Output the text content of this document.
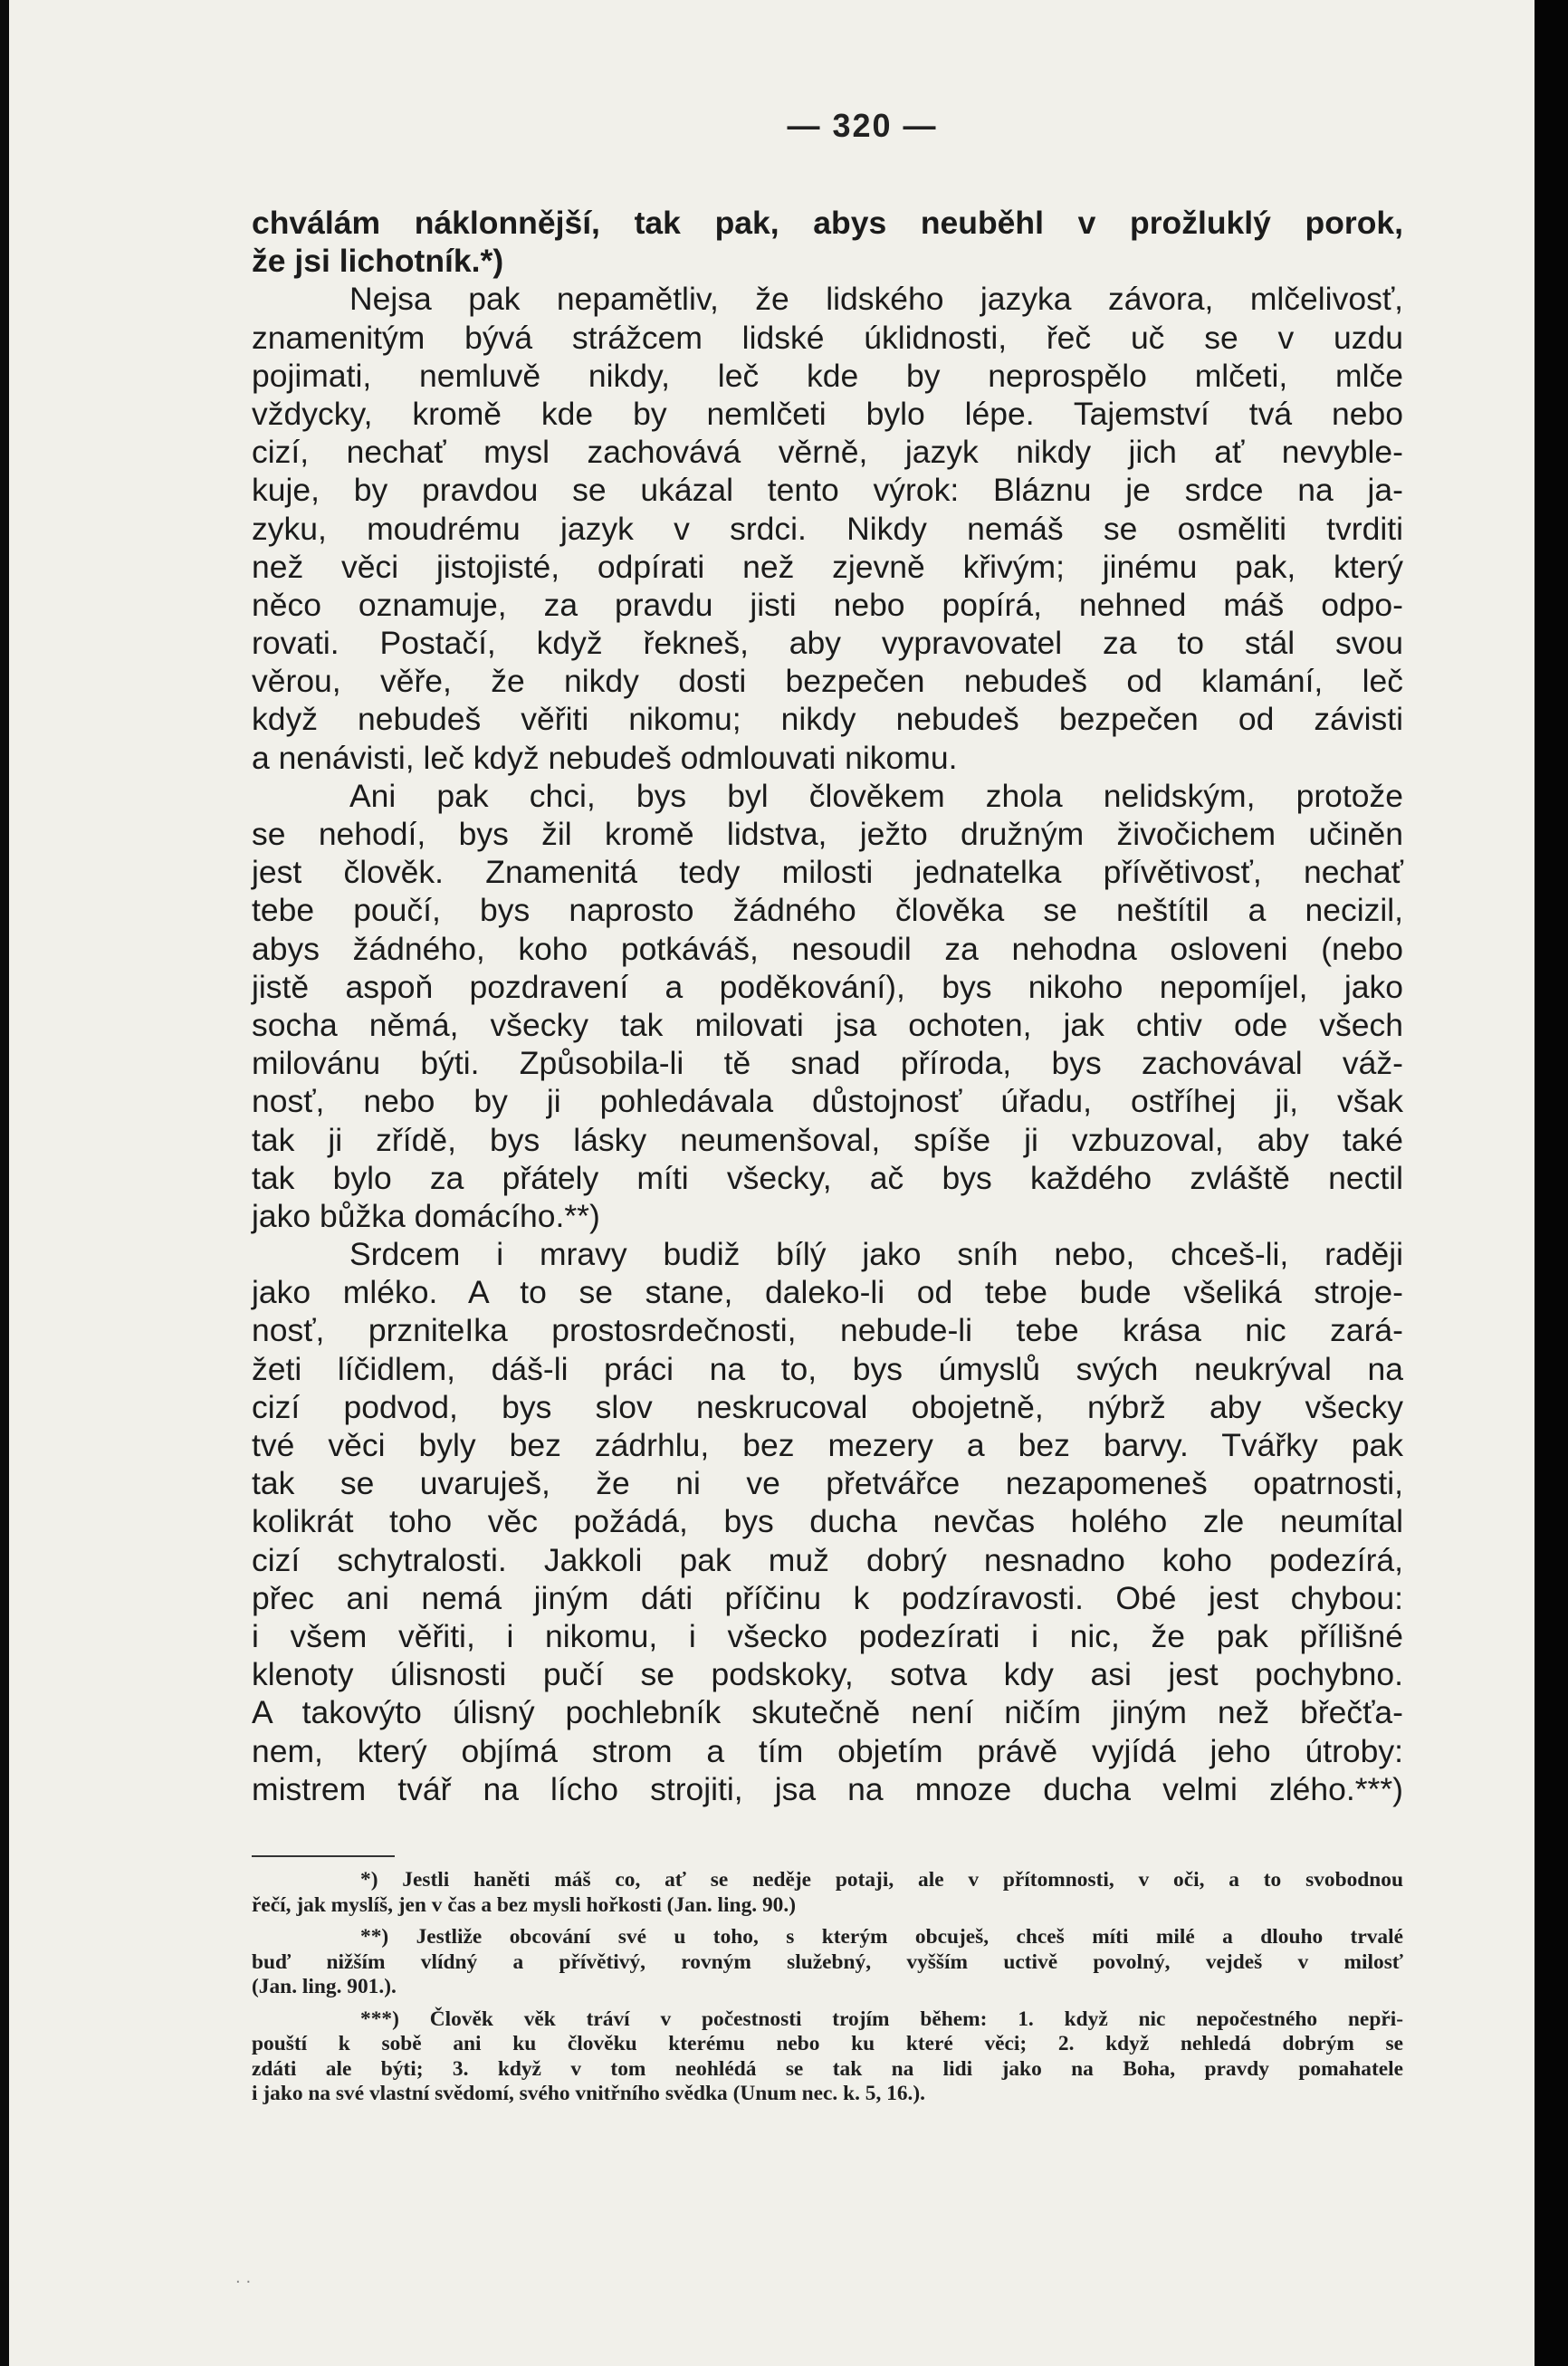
— 320 —
chválám náklonnější, tak pak, abys neuběhl v prožluklý porok,
že jsi lichotník.*)
Nejsa pak nepamětliv, že lidského jazyka závora, mlčelivosť,
znamenitým bývá strážcem lidské úklidnosti, řeč uč se v uzdu
pojimati, nemluvě nikdy, leč kde by neprospělo mlčeti, mlče
vždycky, kromě kde by nemlčeti bylo lépe. Tajemství tvá nebo
cizí, nechať mysl zachovává věrně, jazyk nikdy jich ať nevyble-
kuje, by pravdou se ukázal tento výrok: Bláznu je srdce na ja-
zyku, moudrému jazyk v srdci. Nikdy nemáš se osměliti tvrditi
než věci jistojisté, odpírati než zjevně křivým; jinému pak, který
něco oznamuje, za pravdu jisti nebo popírá, nehned máš odpo-
rovati. Postačí, když řekneš, aby vypravovatel za to stál svou
věrou, věře, že nikdy dosti bezpečen nebudeš od klamání, leč
když nebudeš věřiti nikomu; nikdy nebudeš bezpečen od závisti
a nenávisti, leč když nebudeš odmlouvati nikomu.
Ani pak chci, bys byl člověkem zhola nelidským, protože
se nehodí, bys žil kromě lidstva, ježto družným živočichem učiněn
jest člověk. Znamenitá tedy milosti jednatelka přívětivosť, nechať
tebe poučí, bys naprosto žádného člověka se neštítil a necizil,
abys žádného, koho potkáváš, nesoudil za nehodna osloveni (nebo
jistě aspoň pozdravení a poděkování), bys nikoho nepomíjel, jako
socha němá, všecky tak milovati jsa ochoten, jak chtiv ode všech
milovánu býti. Způsobila-li tě snad příroda, bys zachovával váž-
nosť, nebo by ji pohledávala důstojnosť úřadu, ostříhej ji, však
tak ji zřídě, bys lásky neumenšoval, spíše ji vzbuzoval, aby také
tak bylo za přátely míti všecky, ač bys každého zvláště nectil
jako bůžka domácího.**)
Srdcem i mravy budiž bílý jako sníh nebo, chceš-li, raději
jako mléko. A to se stane, daleko-li od tebe bude všeliká stroje-
nosť, przniteIka prostosrdečnosti, nebude-li tebe krása nic zará-
žeti líčidlem, dáš-li práci na to, bys úmyslů svých neukrýval na
cizí podvod, bys slov neskrucoval obojetně, nýbrž aby všecky
tvé věci byly bez zádrhlu, bez mezery a bez barvy. Tvářky pak
tak se uvaruješ, že ni ve přetvářce nezapomeneš opatrnosti,
kolikrát toho věc požádá, bys ducha nevčas holého zle neumítal
cizí schytralosti. Jakkoli pak muž dobrý nesnadno koho podezírá,
přec ani nemá jiným dáti příčinu k podzíravosti. Obé jest chybou:
i všem věřiti, i nikomu, i všecko podezírati i nic, že pak přílišné
klenoty úlisnosti pučí se podskoky, sotva kdy asi jest pochybno.
A takovýto úlisný pochlebník skutečně není ničím jiným než břečťa-
nem, který objímá strom a tím objetím právě vyjídá jeho útroby:
mistrem tvář na lícho strojiti, jsa na mnoze ducha velmi zlého.***)
*) Jestli haněti máš co, ať se neděje potaji, ale v přítomnosti, v oči, a to svobodnou
řečí, jak myslíš, jen v čas a bez mysli hořkosti (Jan. ling. 90.)
**) Jestliže obcování své u toho, s kterým obcuješ, chceš míti milé a dlouho trvalé
buď nižším vlídný a přívětivý, rovným služebný, vyšším uctivě povolný, vejdeš v milosť
(Jan. ling. 901.).
***) Člověk věk tráví v počestnosti trojím během: 1. když nic nepočestného nepři-
pouští k sobě ani ku člověku kterému nebo ku které věci; 2. když nehledá dobrým se
zdáti ale býti; 3. když v tom neohlédá se tak na lidi jako na Boha, pravdy pomahatele
i jako na své vlastní svědomí, svého vnitřního svědka (Unum nec. k. 5, 16.).
· ·
